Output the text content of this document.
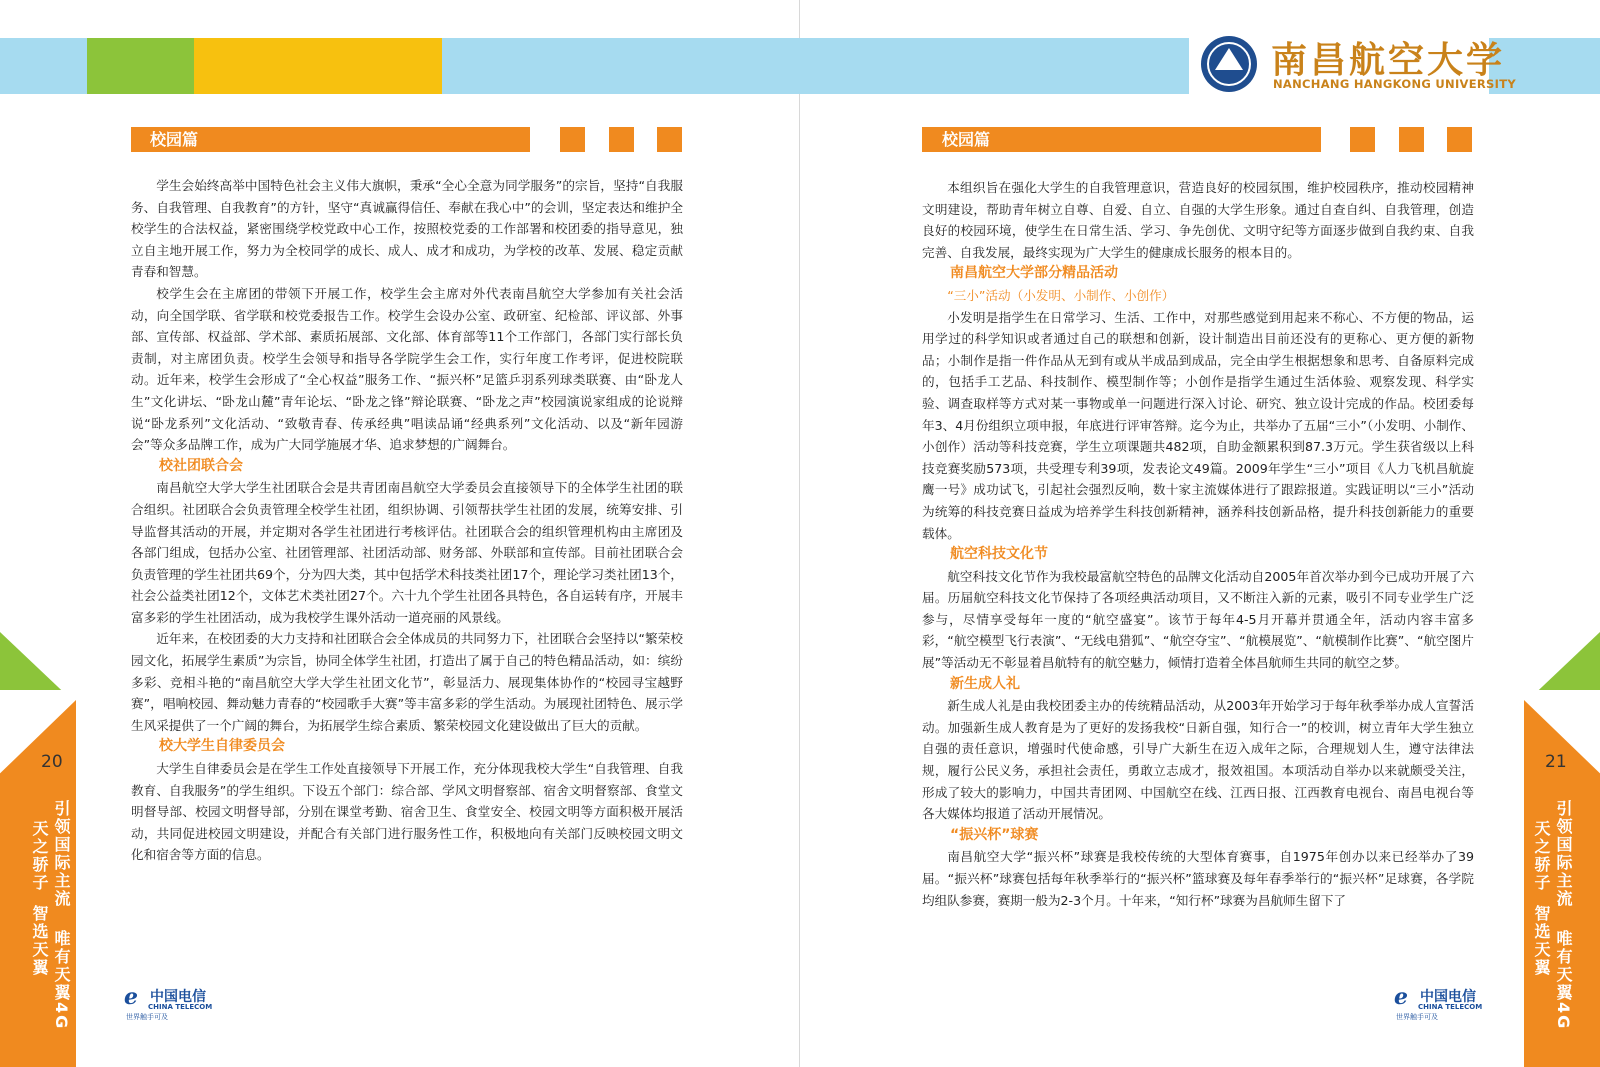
南昌航空大学
NANCHANG HANGKONG UNIVERSITY
校园篇

学生会始终高举中国特色社会主义伟大旗帜，秉承“全心全意为同学服务”的宗旨，坚持“自我服务、自我管理、自我教育”的方针，坚守“真诚赢得信任、奉献在我心中”的会训，坚定表达和维护全校学生的合法权益，紧密围绕学校党政中心工作，按照校党委的工作部署和校团委的指导意见，独立自主地开展工作，努力为全校同学的成长、成人、成才和成功，为学校的改革、发展、稳定贡献青春和智慧。

校学生会在主席团的带领下开展工作，校学生会主席对外代表南昌航空大学参加有关社会活动，向全国学联、省学联和校党委报告工作。校学生会设办公室、政研室、纪检部、评议部、外事部、宣传部、权益部、学术部、素质拓展部、文化部、体育部等11个工作部门，各部门实行部长负责制，对主席团负责。校学生会领导和指导各学院学生会工作，实行年度工作考评，促进校院联动。近年来，校学生会形成了“全心权益”服务工作、“振兴杯”足篮乒羽系列球类联赛、由“卧龙人生”文化讲坛、“卧龙山麓”青年论坛、“卧龙之锋”辩论联赛、“卧龙之声”校园演说家组成的论说辩说“卧龙系列”文化活动、“致敬青春、传承经典”唱读品诵“经典系列”文化活动、以及“新年园游会”等众多品牌工作，成为广大同学施展才华、追求梦想的广阔舞台。

校社团联合会

南昌航空大学大学生社团联合会是共青团南昌航空大学委员会直接领导下的全体学生社团的联合组织。社团联合会负责管理全校学生社团，组织协调、引领帮扶学生社团的发展，统筹安排、引导监督其活动的开展，并定期对各学生社团进行考核评估。社团联合会的组织管理机构由主席团及各部门组成，包括办公室、社团管理部、社团活动部、财务部、外联部和宣传部。目前社团联合会负责管理的学生社团共69个，分为四大类，其中包括学术科技类社团17个，理论学习类社团13个，社会公益类社团12个，文体艺术类社团27个。六十九个学生社团各具特色，各自运转有序，开展丰富多彩的学生社团活动，成为我校学生课外活动一道亮丽的风景线。

近年来，在校团委的大力支持和社团联合会全体成员的共同努力下，社团联合会坚持以“繁荣校园文化，拓展学生素质”为宗旨，协同全体学生社团，打造出了属于自己的特色精品活动，如：缤纷多彩、竞相斗艳的“南昌航空大学大学生社团文化节”，彰显活力、展现集体协作的“校园寻宝越野赛”，唱响校园、舞动魅力青春的“校园歌手大赛”等丰富多彩的学生活动。为展现社团特色、展示学生风采提供了一个广阔的舞台，为拓展学生综合素质、繁荣校园文化建设做出了巨大的贡献。

校大学生自律委员会

大学生自律委员会是在学生工作处直接领导下开展工作，充分体现我校大学生“自我管理、自我教育、自我服务”的学生组织。下设五个部门：综合部、学风文明督察部、宿舍文明督察部、食堂文明督导部、校园文明督导部，分别在课堂考勤、宿舍卫生、食堂安全、校园文明等方面积极开展活动，共同促进校园文明建设，并配合有关部门进行服务性工作，积极地向有关部门反映校园文明文化和宿舍等方面的信息。

20
引领国际主流
唯有天翼4G
天之骄子
智选天翼
ℯ 中国电信
CHINA TELECOM
世界触手可及
校园篇

本组织旨在强化大学生的自我管理意识，营造良好的校园氛围，维护校园秩序，推动校园精神文明建设，帮助青年树立自尊、自爱、自立、自强的大学生形象。通过自查自纠、自我管理，创造良好的校园环境，使学生在日常生活、学习、争先创优、文明守纪等方面逐步做到自我约束、自我完善、自我发展，最终实现为广大学生的健康成长服务的根本目的。

南昌航空大学部分精品活动
“三小”活动（小发明、小制作、小创作）

小发明是指学生在日常学习、生活、工作中，对那些感觉到用起来不称心、不方便的物品，运用学过的科学知识或者通过自己的联想和创新，设计制造出目前还没有的更称心、更方便的新物品；小制作是指一件作品从无到有或从半成品到成品，完全由学生根据想象和思考、自备原料完成的，包括手工艺品、科技制作、模型制作等；小创作是指学生通过生活体验、观察发现、科学实验、调查取样等方式对某一事物或单一问题进行深入讨论、研究、独立设计完成的作品。校团委每年3、4月份组织立项申报，年底进行评审答辩。迄今为止，共举办了五届“三小”（小发明、小制作、小创作）活动等科技竞赛，学生立项课题共482项，自助金额累积到87.3万元。学生获省级以上科技竞赛奖励573项，共受理专利39项，发表论文49篇。2009年学生“三小”项目《人力飞机昌航旋鹰一号》成功试飞，引起社会强烈反响，数十家主流媒体进行了跟踪报道。实践证明以“三小”活动为统筹的科技竞赛日益成为培养学生科技创新精神，涵养科技创新品格，提升科技创新能力的重要载体。

航空科技文化节

航空科技文化节作为我校最富航空特色的品牌文化活动自2005年首次举办到今已成功开展了六届。历届航空科技文化节保持了各项经典活动项目，又不断注入新的元素，吸引不同专业学生广泛参与，尽情享受每年一度的“航空盛宴”。该节于每年4-5月开幕并贯通全年，活动内容丰富多彩，“航空模型飞行表演”、“无线电猎狐”、“航空夺宝”、“航模展览”、“航模制作比赛”、“航空图片展”等活动无不彰显着昌航特有的航空魅力，倾情打造着全体昌航师生共同的航空之梦。

新生成人礼

新生成人礼是由我校团委主办的传统精品活动，从2003年开始学习于每年秋季举办成人宣誓活动。加强新生成人教育是为了更好的发扬我校“日新自强，知行合一”的校训，树立青年大学生独立自强的责任意识，增强时代使命感，引导广大新生在迈入成年之际，合理规划人生，遵守法律法规，履行公民义务，承担社会责任，勇敢立志成才，报效祖国。本项活动自举办以来就颇受关注，形成了较大的影响力，中国共青团网、中国航空在线、江西日报、江西教育电视台、南昌电视台等各大媒体均报道了活动开展情况。

“振兴杯”球赛

南昌航空大学“振兴杯”球赛是我校传统的大型体育赛事，自1975年创办以来已经举办了39届。“振兴杯”球赛包括每年秋季举行的“振兴杯”篮球赛及每年春季举行的“振兴杯”足球赛，各学院均组队参赛，赛期一般为2-3个月。十年来，“知行杯”球赛为昌航师生留下了

21
引领国际主流
唯有天翼4G
天之骄子
智选天翼
ℯ 中国电信
CHINA TELECOM
世界触手可及
